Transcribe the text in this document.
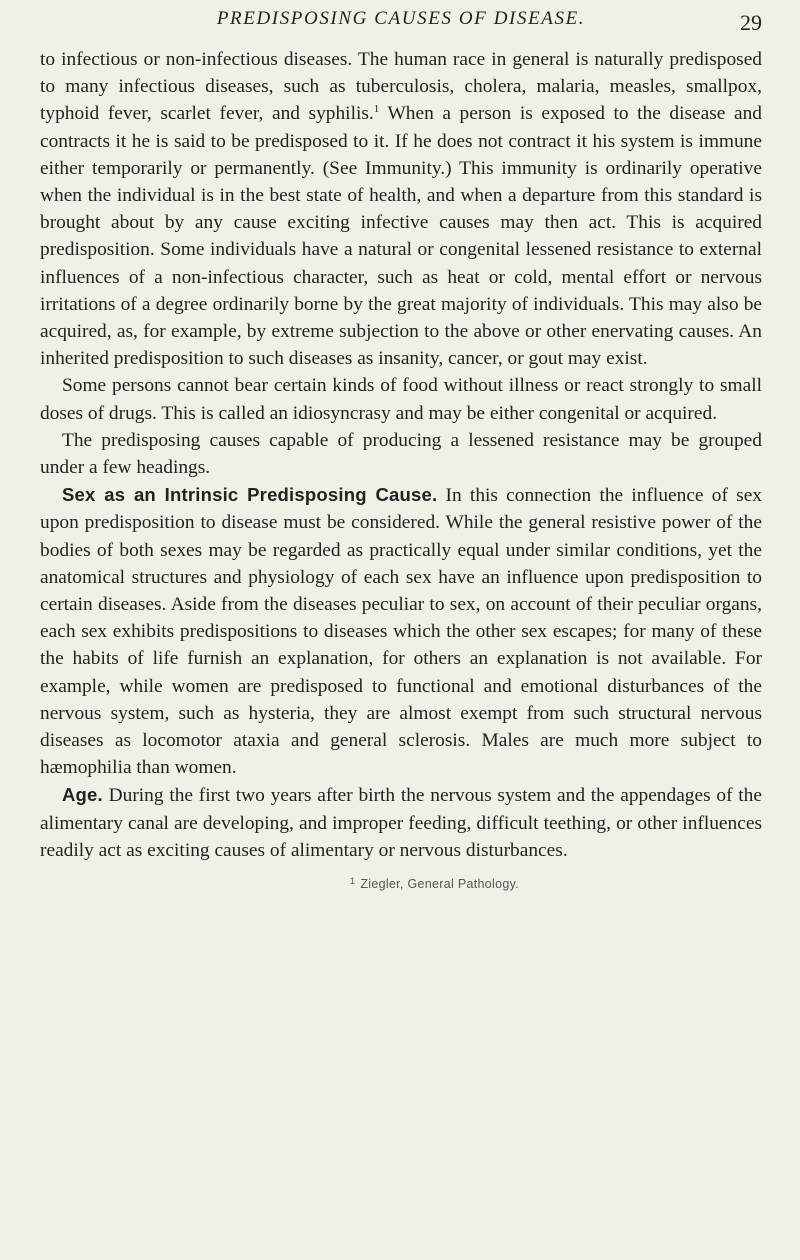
PREDISPOSING CAUSES OF DISEASE.	29

to infectious or non-infectious diseases. The human race in general is naturally predisposed to many infectious diseases, such as tuberculosis, cholera, malaria, measles, smallpox, typhoid fever, scarlet fever, and syphilis.$^1$ When a person is exposed to the disease and contracts it he is said to be predisposed to it. If he does not contract it his system is immune either temporarily or permanently. (See Immunity.) This immunity is ordinarily operative when the individual is in the best state of health, and when a departure from this standard is brought about by any cause exciting infective causes may then act. This is acquired predisposition. Some individuals have a natural or congenital lessened resistance to external influences of a non-infectious character, such as heat or cold, mental effort or nervous irritations of a degree ordinarily borne by the great majority of individuals. This may also be acquired, as, for example, by extreme subjection to the above or other enervating causes. An inherited predisposition to such diseases as insanity, cancer, or gout may exist.

Some persons cannot bear certain kinds of food without illness or react strongly to small doses of drugs. This is called an idiosyncrasy and may be either congenital or acquired.

The predisposing causes capable of producing a lessened resistance may be grouped under a few headings.

Sex as an Intrinsic Predisposing Cause. In this connection the influence of sex upon predisposition to disease must be considered. While the general resistive power of the bodies of both sexes may be regarded as practically equal under similar conditions, yet the anatomical structures and physiology of each sex have an influence upon predisposition to certain diseases. Aside from the diseases peculiar to sex, on account of their peculiar organs, each sex exhibits predispositions to diseases which the other sex escapes; for many of these the habits of life furnish an explanation, for others an explanation is not available. For example, while women are predisposed to functional and emotional disturbances of the nervous system, such as hysteria, they are almost exempt from such structural nervous diseases as locomotor ataxia and general sclerosis. Males are much more subject to hæmophilia than women.

Age. During the first two years after birth the nervous system and the appendages of the alimentary canal are developing, and improper feeding, difficult teething, or other influences readily act as exciting causes of alimentary or nervous disturbances.

$^1$ Ziegler, General Pathology.
